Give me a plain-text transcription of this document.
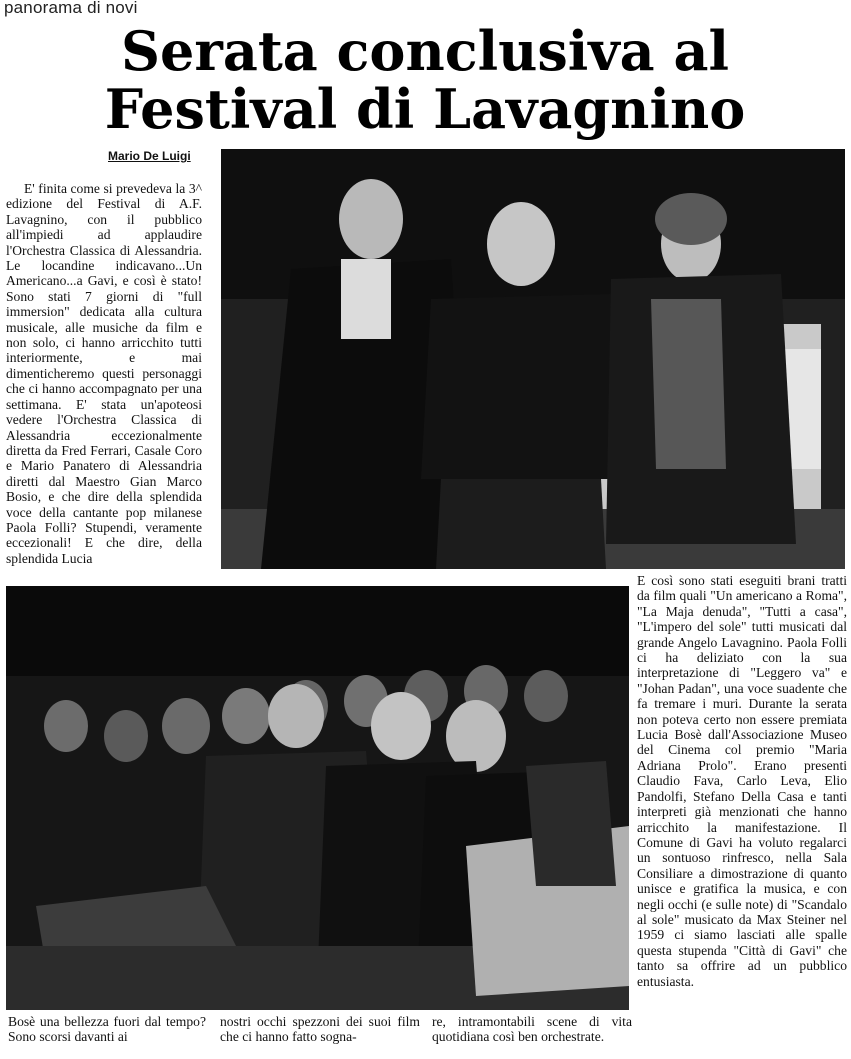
panorama di novi
Serata conclusiva al
Festival di Lavagnino
Mario De Luigi

E' finita come si prevedeva la 3^ edizione del Festival di A.F. Lavagnino, con il pubblico all'impiedi ad applaudire l'Orchestra Classica di Alessandria. Le locandine indicavano...Un Americano...a Gavi, e così è stato! Sono stati 7 giorni di "full immersion" dedicata alla cultura musicale, alle musiche da film e non solo, ci hanno arricchito tutti interiormente, e mai dimenticheremo questi personaggi che ci hanno accompagnato per una settimana. E' stata un'apoteosi vedere l'Orchestra Classica di Alessandria eccezionalmente diretta da Fred Ferrari, Casale Coro e Mario Panatero di Alessandria diretti dal Maestro Gian Marco Bosio, e che dire della splendida voce della cantante pop milanese Paola Folli? Stupendi, veramente eccezionali! E che dire, della splendida Lucia

E così sono stati eseguiti brani tratti da film quali "Un americano a Roma", "La Maja denuda", "Tutti a casa", "L'impero del sole" tutti musicati dal grande Angelo Lavagnino. Paola Folli ci ha deliziato con la sua interpretazione di "Leggero va" e "Johan Padan", una voce suadente che fa tremare i muri. Durante la serata non poteva certo non essere premiata Lucia Bosè dall'Associazione Museo del Cinema col premio "Maria Adriana Prolo". Erano presenti Claudio Fava, Carlo Leva, Elio Pandolfi, Stefano Della Casa e tanti interpreti già menzionati che hanno arricchito la manifestazione. Il Comune di Gavi ha voluto regalarci un sontuoso rinfresco, nella Sala Consiliare a dimostrazione di quanto unisce e gratifica la musica, e con negli occhi (e sulle note) di "Scandalo al sole" musicato da Max Steiner nel 1959 ci siamo lasciati alle spalle questa stupenda "Città di Gavi" che tanto sa offrire ad un pubblico entusiasta.

Bosè una bellezza fuori dal tempo? Sono scorsi davanti ai

nostri occhi spezzoni dei suoi film che ci hanno fatto sogna-

re, intramontabili scene di vita quotidiana così ben orchestrate.
